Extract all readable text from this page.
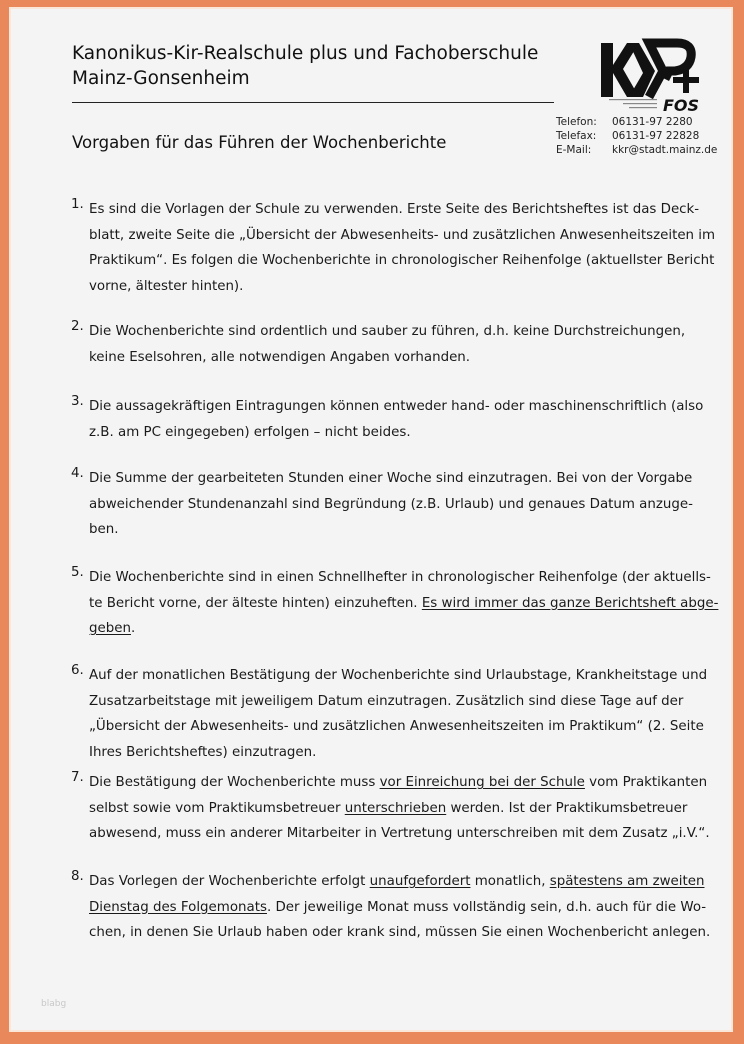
Kanonikus-Kir-Realschule plus und Fachoberschule
Mainz-Gonsenheim
Vorgaben für das Führen der Wochenberichte
FOS
Telefon:	06131-97 2280
Telefax:	06131-97 22828
E-Mail:	kkr@stadt.mainz.de
1. Es sind die Vorlagen der Schule zu verwenden. Erste Seite des Berichtsheftes ist das Deck-
blatt, zweite Seite die „Übersicht der Abwesenheits- und zusätzlichen Anwesenheitszeiten im
Praktikum“. Es folgen die Wochenberichte in chronologischer Reihenfolge (aktuellster Bericht
vorne, ältester hinten).
2. Die Wochenberichte sind ordentlich und sauber zu führen, d.h. keine Durchstreichungen,
keine Eselsohren, alle notwendigen Angaben vorhanden.
3. Die aussagekräftigen Eintragungen können entweder hand- oder maschinenschriftlich (also
z.B. am PC eingegeben) erfolgen – nicht beides.
4. Die Summe der gearbeiteten Stunden einer Woche sind einzutragen. Bei von der Vorgabe
abweichender Stundenanzahl sind Begründung (z.B. Urlaub) und genaues Datum anzuge-
ben.
5. Die Wochenberichte sind in einen Schnellhefter in chronologischer Reihenfolge (der aktuells-
te Bericht vorne, der älteste hinten) einzuheften. Es wird immer das ganze Berichtsheft abge-
geben.
6. Auf der monatlichen Bestätigung der Wochenberichte sind Urlaubstage, Krankheitstage und
Zusatzarbeitstage mit jeweiligem Datum einzutragen. Zusätzlich sind diese Tage auf der
„Übersicht der Abwesenheits- und zusätzlichen Anwesenheitszeiten im Praktikum“ (2. Seite
Ihres Berichtsheftes) einzutragen.
7. Die Bestätigung der Wochenberichte muss vor Einreichung bei der Schule vom Praktikanten
selbst sowie vom Praktikumsbetreuer unterschrieben werden. Ist der Praktikumsbetreuer
abwesend, muss ein anderer Mitarbeiter in Vertretung unterschreiben mit dem Zusatz „i.V.“.
8. Das Vorlegen der Wochenberichte erfolgt unaufgefordert monatlich, spätestens am zweiten
Dienstag des Folgemonats. Der jeweilige Monat muss vollständig sein, d.h. auch für die Wo-
chen, in denen Sie Urlaub haben oder krank sind, müssen Sie einen Wochenbericht anlegen.
blabg
